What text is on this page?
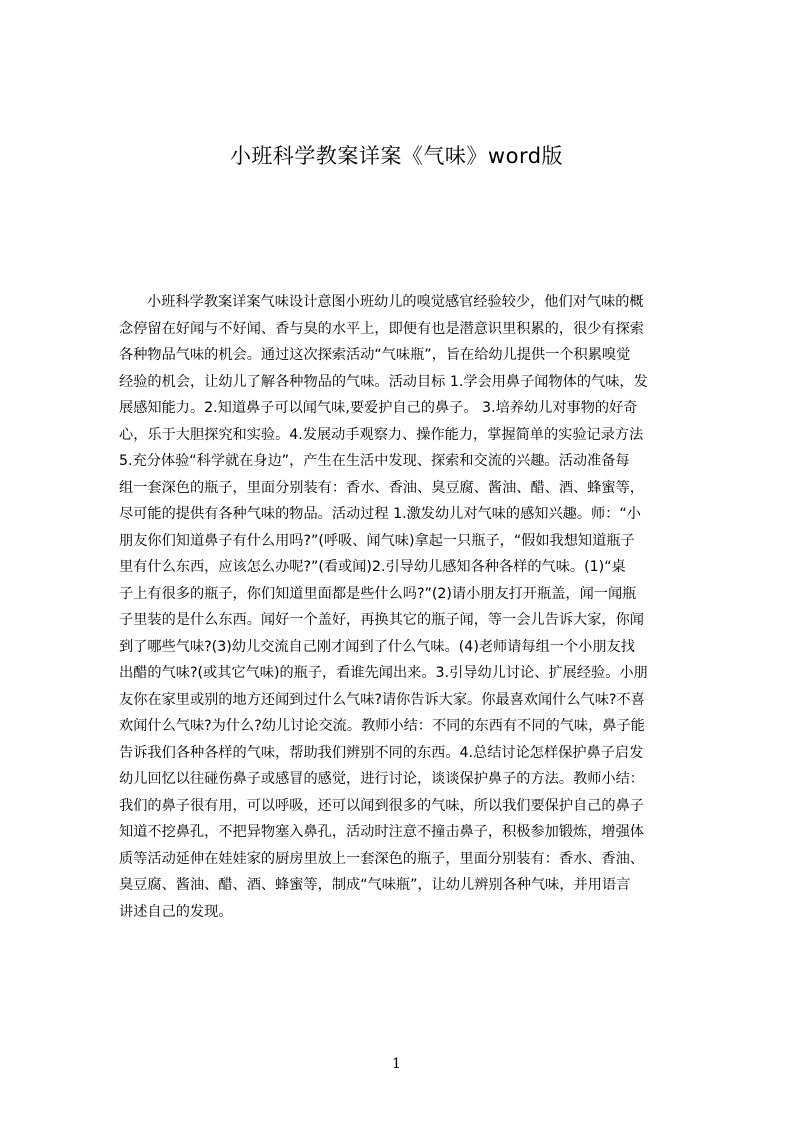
小班科学教案详案《气味》word版
小班科学教案详案气味设计意图小班幼儿的嗅觉感官经验较少，他们对气味的概
念停留在好闻与不好闻、香与臭的水平上，即便有也是潜意识里积累的，很少有探索
各种物品气味的机会。通过这次探索活动“气味瓶”，旨在给幼儿提供一个积累嗅觉
经验的机会，让幼儿了解各种物品的气味。活动目标 1.学会用鼻子闻物体的气味，发
展感知能力。2.知道鼻子可以闻气味,要爱护自己的鼻子。 3.培养幼儿对事物的好奇
心，乐于大胆探究和实验。4.发展动手观察力、操作能力，掌握简单的实验记录方法
5.充分体验“科学就在身边”，产生在生活中发现、探索和交流的兴趣。活动准备每
组一套深色的瓶子，里面分别装有：香水、香油、臭豆腐、酱油、醋、酒、蜂蜜等，
尽可能的提供有各种气味的物品。活动过程 1.激发幼儿对气味的感知兴趣。师：“小
朋友你们知道鼻子有什么用吗?”(呼吸、闻气味)拿起一只瓶子，“假如我想知道瓶子
里有什么东西，应该怎么办呢?”(看或闻)2.引导幼儿感知各种各样的气味。(1)“桌
子上有很多的瓶子，你们知道里面都是些什么吗?”(2)请小朋友打开瓶盖，闻一闻瓶
子里装的是什么东西。闻好一个盖好，再换其它的瓶子闻，等一会儿告诉大家，你闻
到了哪些气味?(3)幼儿交流自己刚才闻到了什么气味。(4)老师请每组一个小朋友找
出醋的气味?(或其它气味)的瓶子，看谁先闻出来。3.引导幼儿讨论、扩展经验。小朋
友你在家里或别的地方还闻到过什么气味?请你告诉大家。你最喜欢闻什么气味?不喜
欢闻什么气味?为什么?幼儿讨论交流。教师小结：不同的东西有不同的气味，鼻子能
告诉我们各种各样的气味，帮助我们辨别不同的东西。4.总结讨论怎样保护鼻子启发
幼儿回忆以往碰伤鼻子或感冒的感觉，进行讨论，谈谈保护鼻子的方法。教师小结：
我们的鼻子很有用，可以呼吸，还可以闻到很多的气味，所以我们要保护自己的鼻子
知道不挖鼻孔，不把异物塞入鼻孔，活动时注意不撞击鼻子，积极参加锻炼，增强体
质等活动延伸在娃娃家的厨房里放上一套深色的瓶子，里面分别装有：香水、香油、
臭豆腐、酱油、醋、酒、蜂蜜等，制成“气味瓶”，让幼儿辨别各种气味，并用语言
讲述自己的发现。
1
